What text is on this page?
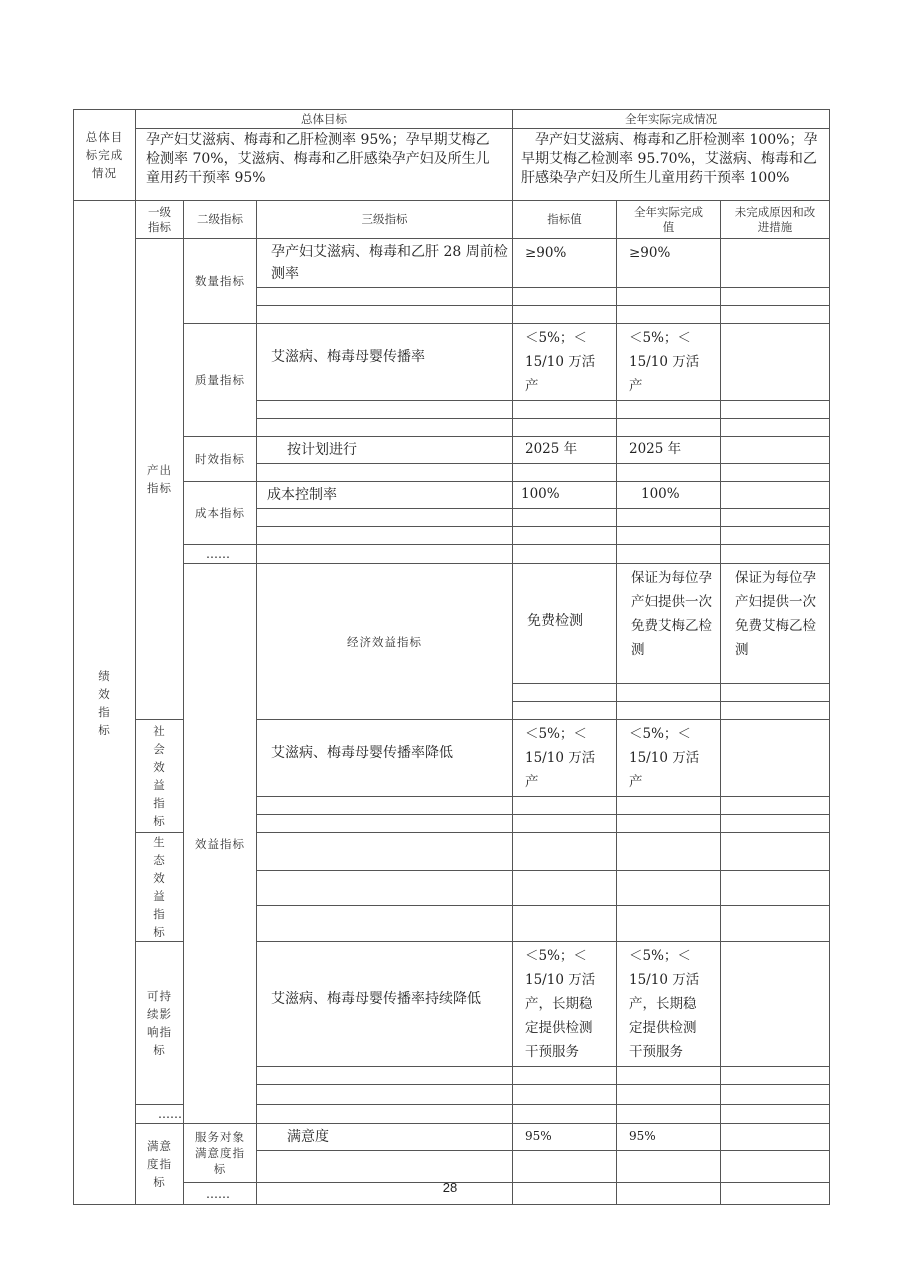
总体目标完成情况	总体目标	全年实际完成情况
	孕产妇艾滋病、梅毒和乙肝检测率 95%；孕早期艾梅乙检测率 70%，艾滋病、梅毒和乙肝感染孕产妇及所生儿童用药干预率 95%	孕产妇艾滋病、梅毒和乙肝检测率 100%；孕早期艾梅乙检测率 95.70%，艾滋病、梅毒和乙肝感染孕产妇及所生儿童用药干预率 100%
绩效指标	一级指标	二级指标	三级指标	指标值	全年实际完成值	未完成原因和改进措施	
	产出指标	数量指标	孕产妇艾滋病、梅毒和乙肝 28 周前检测率	≥90%	≥90%		

		质量指标	艾滋病、梅毒母婴传播率	＜5%；＜15/10 万活产	＜5%；＜15/10 万活产		

		时效指标	按计划进行	2025 年	2025 年		

		成本指标	成本控制率	100%	100%		

		……					
		效益指标	经济效益指标	免费检测	保证为每位孕产妇提供一次免费艾梅乙检测	保证为每位孕产妇提供一次免费艾梅乙检测	

	社会效益指标		艾滋病、梅毒母婴传播率降低	＜5%；＜15/10 万活产	＜5%；＜15/10 万活产		

	生态效益指标						

	可持续影响指标		艾滋病、梅毒母婴传播率持续降低	＜5%；＜15/10 万活产，长期稳定提供检测干预服务	＜5%；＜15/10 万活产，长期稳定提供检测干预服务		

	……						
	满意度指标	服务对象满意度指标	满意度	95%	95%		

		……						28
